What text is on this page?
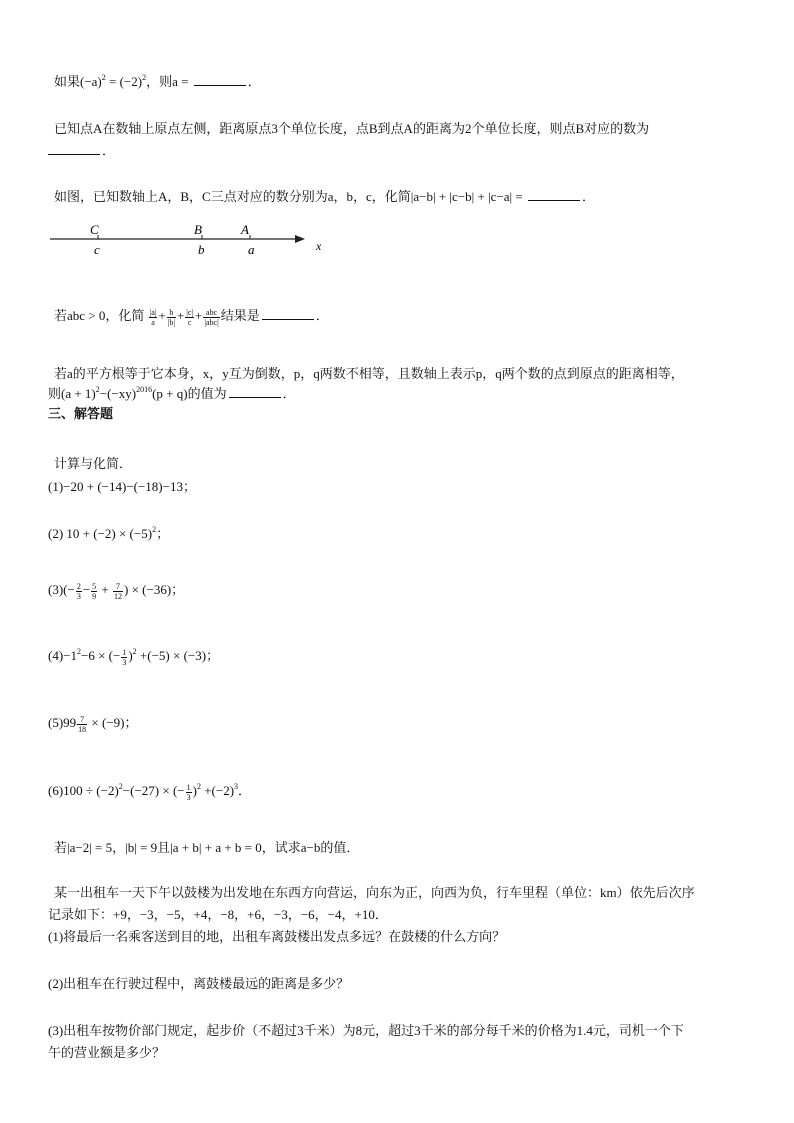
如果$(-a)^2 = (-2)^2$，则a =	．
已知点A在数轴上原点左侧，距离原点3个单位长度，点B到点A的距离为2个单位长度，则点B对应的数为
．
如图，已知数轴上A，B，C三点对应的数分别为a，b，c，化简|a−b| + |c−b| + |c−a| =	．
C	B	A
c	b	a	x
若abc > 0，化简 $\frac{|a|}{a} + \frac{b}{|b|} + \frac{|c|}{c} + \frac{\text{abc}}{\text{|abc|}}$ 结果是	．
若a的平方根等于它本身，x，y互为倒数，p，q两数不相等，且数轴上表示p，q两个数的点到原点的距离相等，
则$(a + 1)^2-(-xy)^{2016}(p + q)$的值为	．
三、解答题
计算与化简．
(1)−20 + (−14)−(−18)−13；
(2) $10 + (-2) \times (-5)^2$；
$(3)(- \frac{2}{3} - \frac{5}{9} + \frac{7}{12}$ ) × (−36)；
$(4)-1^2-6$ × (− $\frac{1}{3} )^2 +(-5) \times (-3)$；
$(5)99 \frac{7}{18} \times (-9)$；
$(6)100 \div (-2)^2-(-27)$ × (− $\frac{1}{3} )^2 +(-2)^3$．
若|a−2| = 5，|b| = 9且|a + b| + a + b = 0，试求a−b的值．
某一出租车一天下午以鼓楼为出发地在东西方向营运，向东为正，向西为负，行车里程（单位：km）依先后次序
记录如下：+9，−3，−5，+4，−8，+6，−3，−6，−4，+10．
(1)将最后一名乘客送到目的地，出租车离鼓楼出发点多远？在鼓楼的什么方向？
(2)出租车在行驶过程中，离鼓楼最远的距离是多少？
(3)出租车按物价部门规定，起步价（不超过3千米）为8元，超过3千米的部分每千米的价格为1.4元，司机一个下
午的营业额是多少？
